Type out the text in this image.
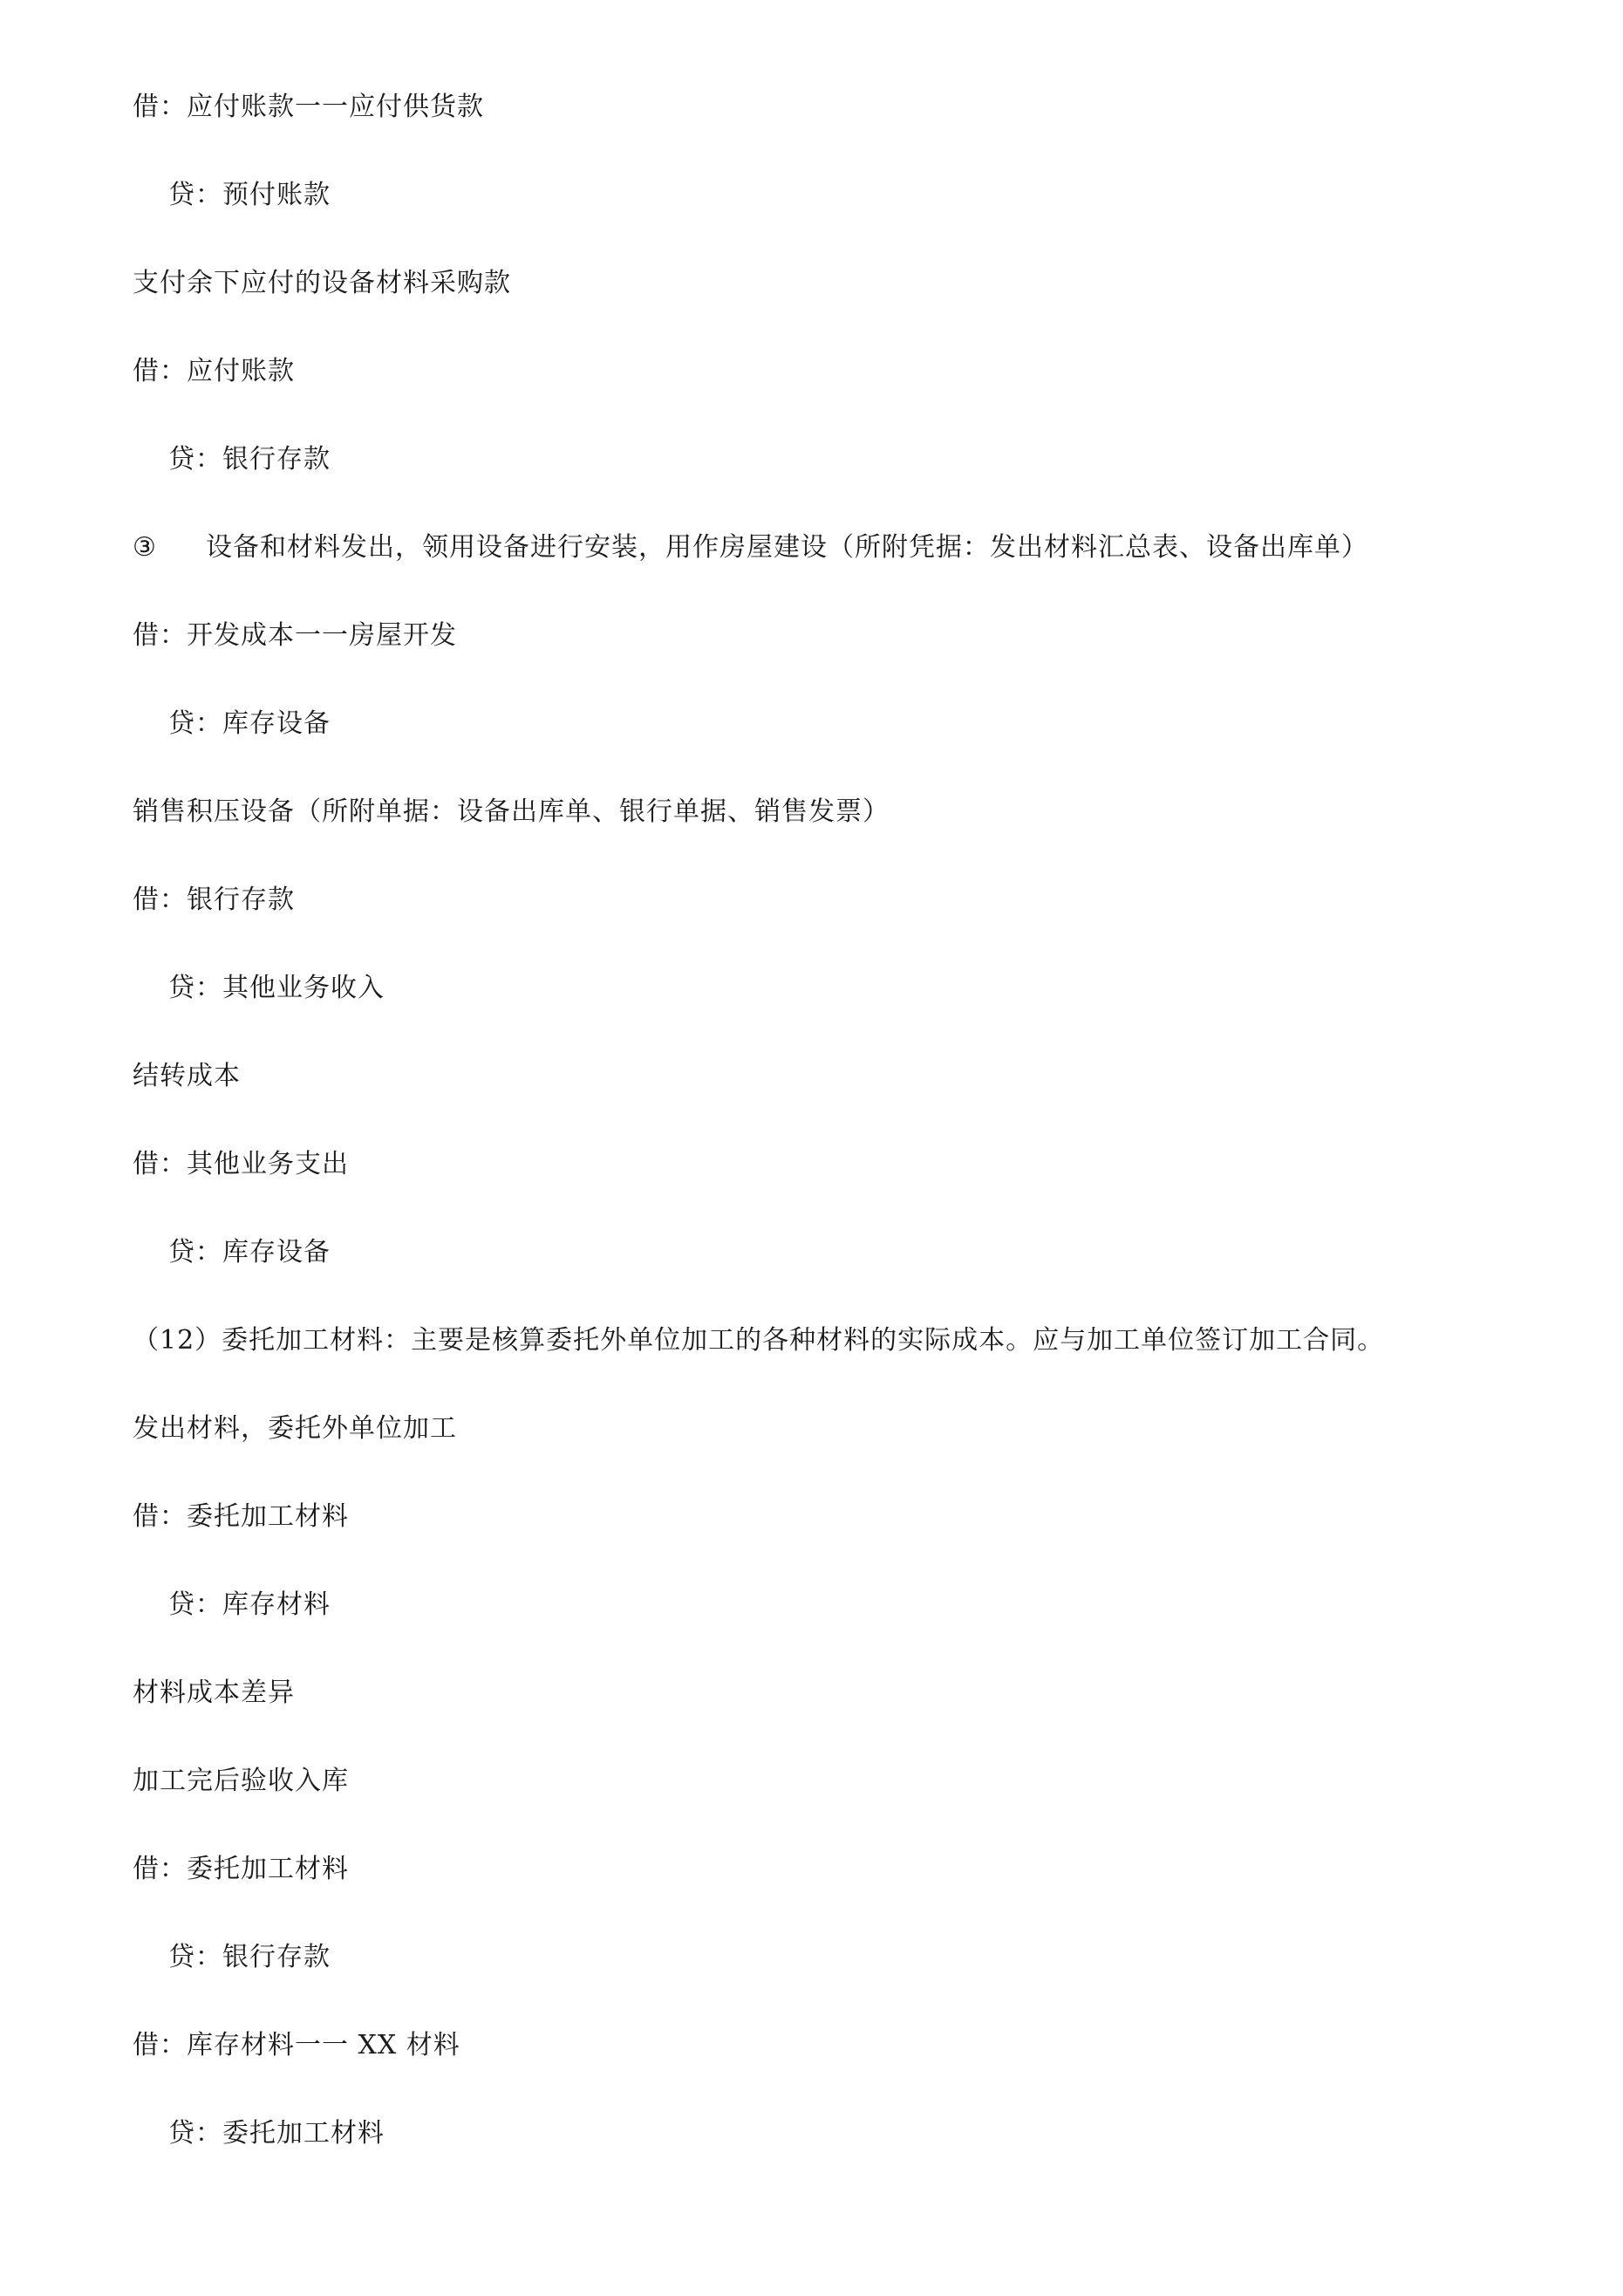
借：应付账款一一应付供货款
贷：预付账款
支付余下应付的设备材料采购款
借：应付账款
贷：银行存款
③ 设备和材料发出，领用设备进行安装，用作房屋建设（所附凭据：发出材料汇总表、设备出库单）
借：开发成本一一房屋开发
贷：库存设备
销售积压设备（所附单据：设备出库单、银行单据、销售发票）
借：银行存款
贷：其他业务收入
结转成本
借：其他业务支出
贷：库存设备
（12）委托加工材料：主要是核算委托外单位加工的各种材料的实际成本。应与加工单位签订加工合同。
发出材料，委托外单位加工
借：委托加工材料
贷：库存材料
材料成本差异
加工完后验收入库
借：委托加工材料
贷：银行存款
借：库存材料一一 XX 材料
贷：委托加工材料
